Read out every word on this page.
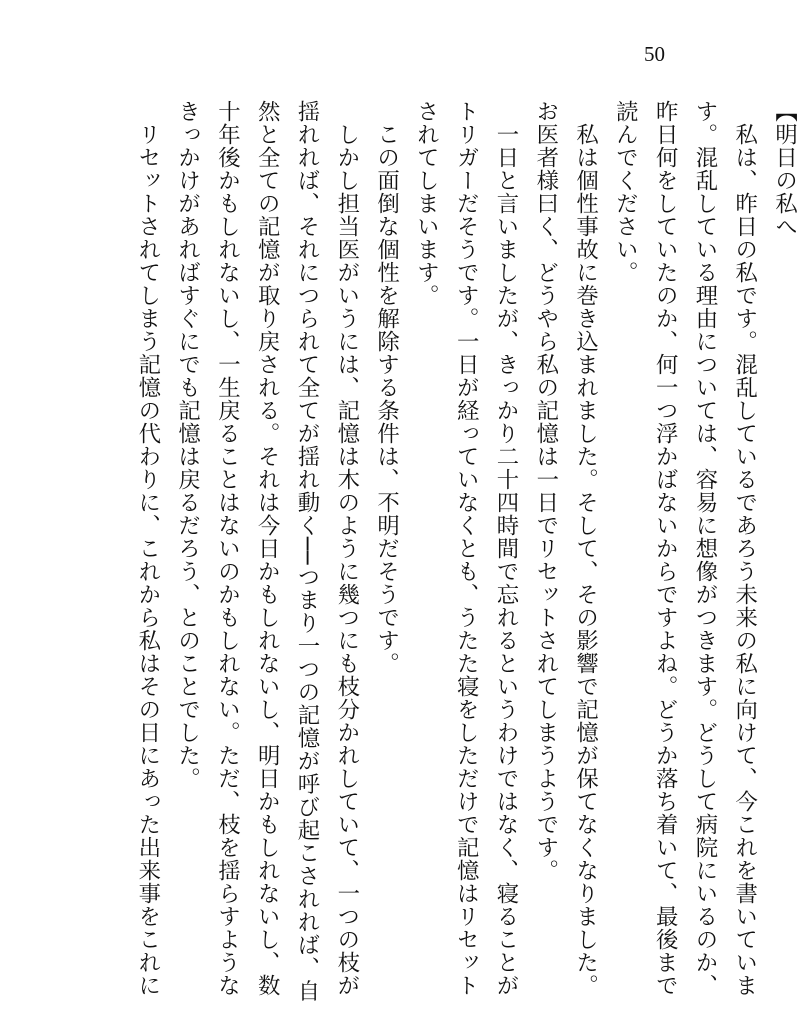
50
【明日の私へ
　私は、昨日の私です。混乱しているであろう未来の私に向けて、今これを書いていま
す。混乱している理由については、容易に想像がつきます。どうして病院にいるのか、
昨日何をしていたのか、何一つ浮かばないからですよね。どうか落ち着いて、最後まで
読んでください。
　私は個性事故に巻き込まれました。そして、その影響で記憶が保てなくなりました。
お医者様曰く、どうやら私の記憶は一日でリセットされてしまうようです。
　一日と言いましたが、きっかり二十四時間で忘れるというわけではなく、寝ることが
トリガーだそうです。一日が経っていなくとも、うたた寝をしただけで記憶はリセット
されてしまいます。
　この面倒な個性を解除する条件は、不明だそうです。
　しかし担当医がいうには、記憶は木のように幾つにも枝分かれしていて、一つの枝が
揺れれば、それにつられて全てが揺れ動く──つまり一つの記憶が呼び起こされれば、自
然と全ての記憶が取り戻される。それは今日かもしれないし、明日かもしれないし、数
十年後かもしれないし、一生戻ることはないのかもしれない。ただ、枝を揺らすような
きっかけがあればすぐにでも記憶は戻るだろう、とのことでした。
　リセットされてしまう記憶の代わりに、これから私はその日にあった出来事をこれに
